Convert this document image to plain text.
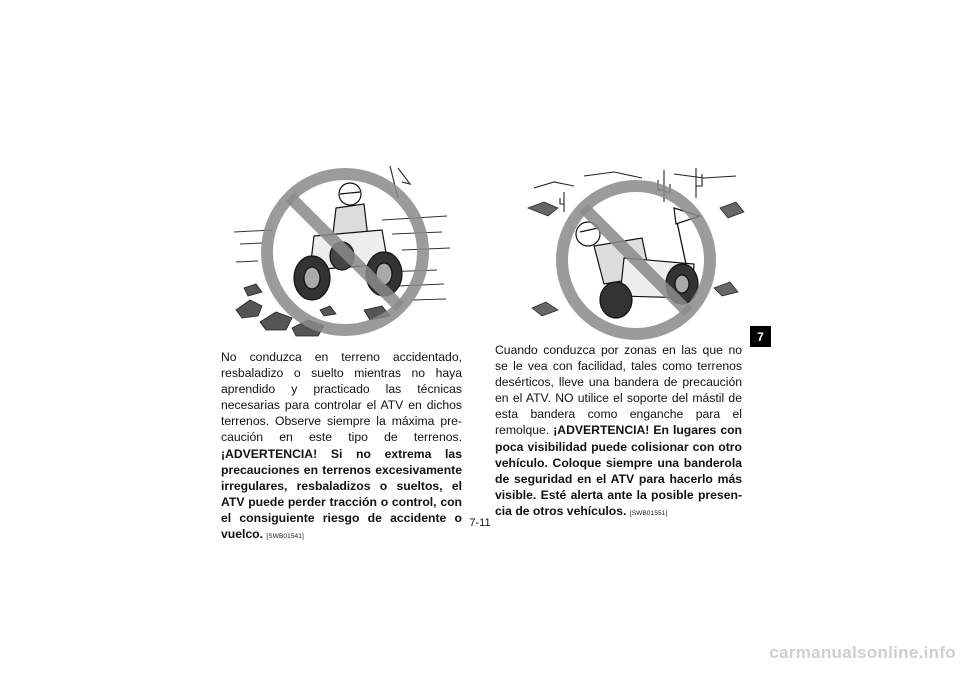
No conduzca en terreno accidentado, resbaladizo o suelto mientras no haya aprendido y practicado las técnicas necesarias para controlar el ATV en dichos terrenos. Observe siempre la máxima precaución en este tipo de terrenos. ¡ADVERTENCIA! Si no extrema las precauciones en terrenos excesivamente irregulares, resbaladizos o sueltos, el ATV puede perder tracción o control, con el consiguiente riesgo de accidente o vuelco. [SWB01541]
Cuando conduzca por zonas en las que no se le vea con facilidad, tales como terrenos desérticos, lleve una bandera de precaución en el ATV. NO utilice el soporte del mástil de esta bandera como enganche para el remolque. ¡ADVERTENCIA! En lugares con poca visibilidad puede colisionar con otro vehículo. Coloque siempre una banderola de seguridad en el ATV para hacerlo más visible. Esté alerta ante la posible presencia de otros vehículos. [SWB01551]
7
7-11
carmanualsonline.info
